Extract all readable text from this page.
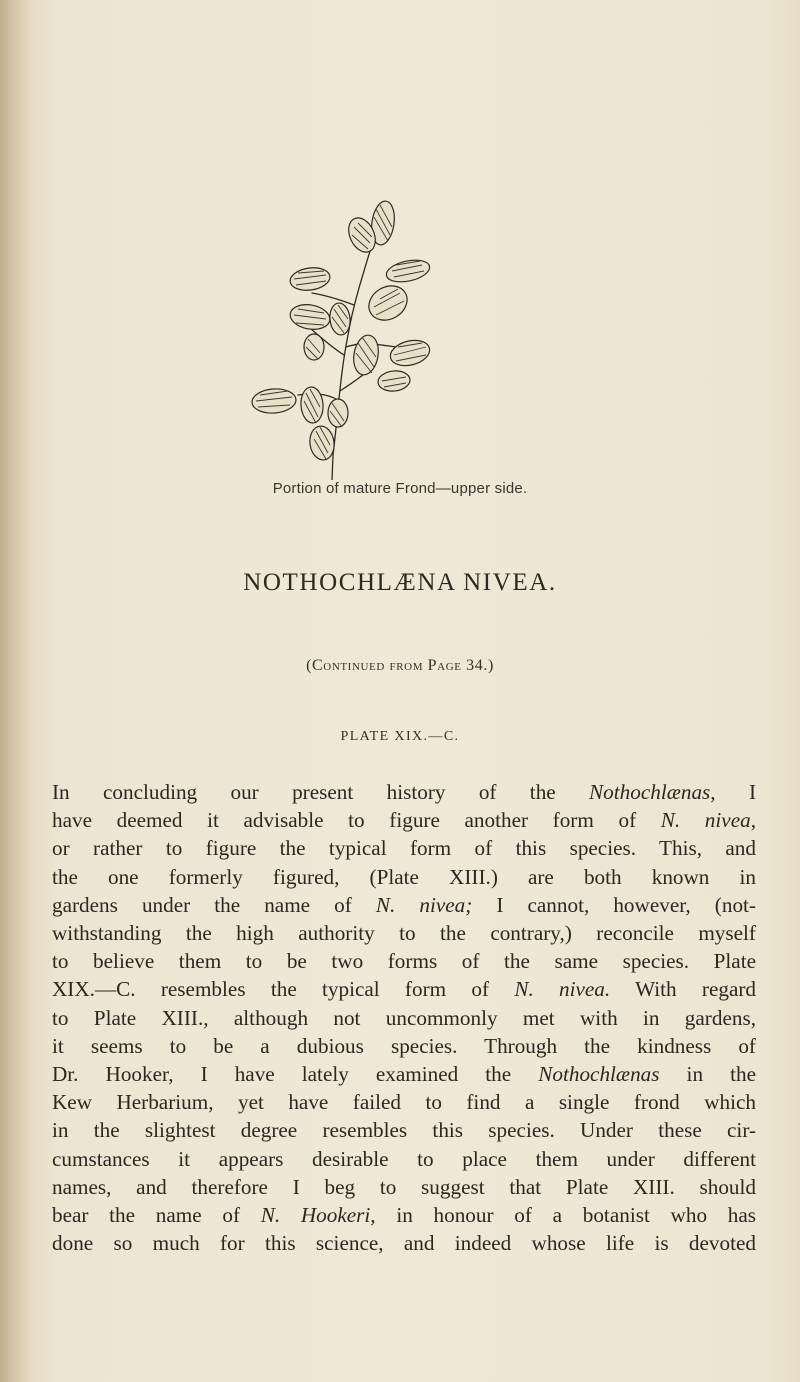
Portion of mature Frond—upper side.
NOTHOCHLÆNA NIVEA.
(Continued from Page 34.)
PLATE XIX.—C.
In concluding our present history of the Nothochlænas, I
have deemed it advisable to figure another form of N. nivea,
or rather to figure the typical form of this species. This, and
the one formerly figured, (Plate XIII.) are both known in
gardens under the name of N. nivea; I cannot, however, (not-
withstanding the high authority to the contrary,) reconcile myself
to believe them to be two forms of the same species. Plate
XIX.—C. resembles the typical form of N. nivea. With regard
to Plate XIII., although not uncommonly met with in gardens,
it seems to be a dubious species. Through the kindness of
Dr. Hooker, I have lately examined the Nothochlænas in the
Kew Herbarium, yet have failed to find a single frond which
in the slightest degree resembles this species. Under these cir-
cumstances it appears desirable to place them under different
names, and therefore I beg to suggest that Plate XIII. should
bear the name of N. Hookeri, in honour of a botanist who has
done so much for this science, and indeed whose life is devoted
